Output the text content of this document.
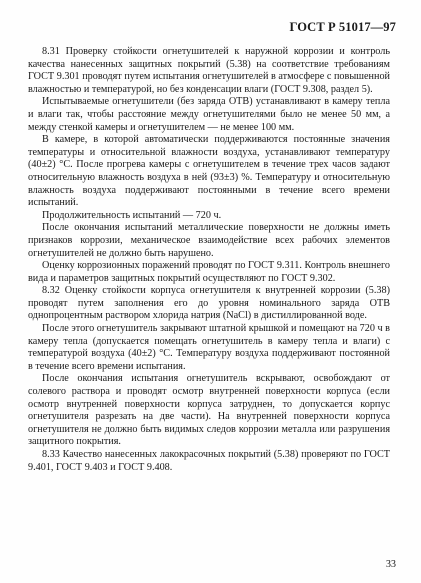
ГОСТ Р 51017—97

8.31 Проверку стойкости огнетушителей к наружной коррозии и контроль качества нанесенных защитных покрытий (5.38) на соответствие требованиям ГОСТ 9.301 проводят путем испытания огнетушителей в атмосфере с повышенной влажностью и температурой, но без конденсации влаги (ГОСТ 9.308, раздел 5).

Испытываемые огнетушители (без заряда ОТВ) устанавливают в камеру тепла и влаги так, чтобы расстояние между огнетушителями было не менее 50 мм, а между стенкой камеры и огнетушителем — не менее 100 мм.

В камере, в которой автоматически поддерживаются постоянные значения температуры и относительной влажности воздуха, устанавливают температуру (40±2) °С. После прогрева камеры с огнетушителем в течение трех часов задают относительную влажность воздуха в ней (93±3) %. Температуру и относительную влажность воздуха поддерживают постоянными в течение всего времени испытаний.

Продолжительность испытаний — 720 ч.

После окончания испытаний металлические поверхности не должны иметь признаков коррозии, механическое взаимодействие всех рабочих элементов огнетушителей не должно быть нарушено.

Оценку коррозионных поражений проводят по ГОСТ 9.311. Контроль внешнего вида и параметров защитных покрытий осуществляют по ГОСТ 9.302.

8.32 Оценку стойкости корпуса огнетушителя к внутренней коррозии (5.38) проводят путем заполнения его до уровня номинального заряда ОТВ однопроцентным раствором хлорида натрия (NaCl) в дистиллированной воде.

После этого огнетушитель закрывают штатной крышкой и помещают на 720 ч в камеру тепла (допускается помещать огнетушитель в камеру тепла и влаги) с температурой воздуха (40±2) °С. Температуру воздуха поддерживают постоянной в течение всего времени испытания.

После окончания испытания огнетушитель вскрывают, освобождают от солевого раствора и проводят осмотр внутренней поверхности корпуса (если осмотр внутренней поверхности корпуса затруднен, то допускается корпус огнетушителя разрезать на две части). На внутренней поверхности корпуса огнетушителя не должно быть видимых следов коррозии металла или разрушения защитного покрытия.

8.33 Качество нанесенных лакокрасочных покрытий (5.38) проверяют по ГОСТ 9.401, ГОСТ 9.403 и ГОСТ 9.408.

33
